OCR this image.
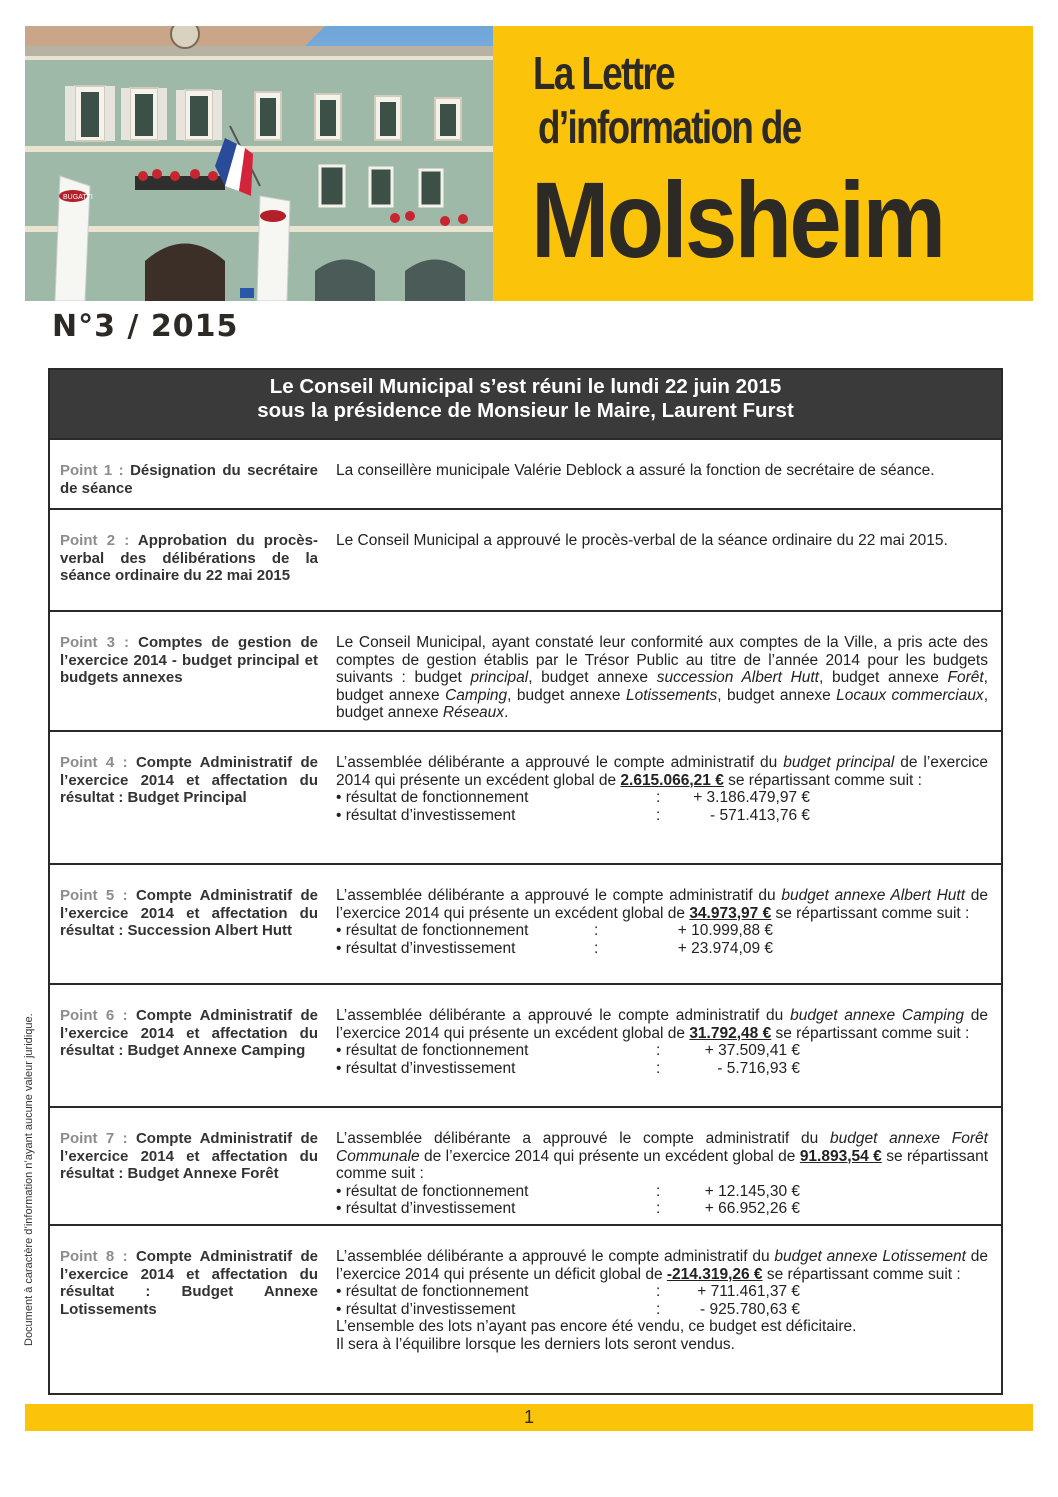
BUGATTI
La Lettre
d’information de
Molsheim
N°3 / 2015
Le Conseil Municipal s’est réuni le lundi 22 juin 2015
sous la présidence de Monsieur le Maire, Laurent Furst
Point 1 : Désignation du secrétaire de séance
La conseillère municipale Valérie Deblock a assuré la fonction de secrétaire de séance.
Point 2 : Approbation du procès-verbal des délibérations de la séance ordinaire du 22 mai 2015
Le Conseil Municipal a approuvé le procès-verbal de la séance ordinaire du 22 mai 2015.
Point 3 : Comptes de gestion de l’exercice 2014 - budget principal et budgets annexes
Le Conseil Municipal, ayant constaté leur conformité aux comptes de la Ville, a pris acte des comptes de gestion établis par le Trésor Public au titre de l’année 2014 pour les budgets suivants : budget principal, budget annexe succession Albert Hutt, budget annexe Forêt, budget annexe Camping, budget annexe Lotissements, budget annexe Locaux commerciaux, budget annexe Réseaux.
Point 4 : Compte Administratif de l’exercice 2014 et affectation du résultat : Budget Principal
L’assemblée délibérante a approuvé le compte administratif du budget principal de l’exercice 2014 qui présente un excédent global de 2.615.066,21 € se répartissant comme suit :
• résultat de fonctionnement	:	+ 3.186.479,97 €
• résultat d’investissement	:	- 571.413,76 €
Point 5 : Compte Administratif de l’exercice 2014 et affectation du résultat : Succession Albert Hutt
L’assemblée délibérante a approuvé le compte administratif du budget annexe Albert Hutt de l’exercice 2014 qui présente un excédent global de 34.973,97 € se répartissant comme suit :
• résultat de fonctionnement	:	+ 10.999,88 €
• résultat d’investissement	:	+ 23.974,09 €
Point 6 : Compte Administratif de l’exercice 2014 et affectation du résultat : Budget Annexe Camping
L’assemblée délibérante a approuvé le compte administratif du budget annexe Camping de l’exercice 2014 qui présente un excédent global de 31.792,48 € se répartissant comme suit :
• résultat de fonctionnement	:	+ 37.509,41 €
• résultat d’investissement	:	- 5.716,93 €
Point 7 : Compte Administratif de l’exercice 2014 et affectation du résultat : Budget Annexe Forêt
L’assemblée délibérante a approuvé le compte administratif du budget annexe Forêt Communale de l’exercice 2014 qui présente un excédent global de 91.893,54 € se répartissant comme suit :
• résultat de fonctionnement	:	+ 12.145,30 €
• résultat d’investissement	:	+ 66.952,26 €
Point 8 : Compte Administratif de l’exercice 2014 et affectation du résultat : Budget Annexe Lotissements
L’assemblée délibérante a approuvé le compte administratif du budget annexe Lotissement de l’exercice 2014 qui présente un déficit global de -214.319,26 € se répartissant comme suit :
• résultat de fonctionnement	:	+ 711.461,37 €
• résultat d’investissement	:	- 925.780,63 €
L’ensemble des lots n’ayant pas encore été vendu, ce budget est déficitaire.
Il sera à l’équilibre lorsque les derniers lots seront vendus.
Document à caractère d’information n’ayant aucune valeur juridique.
1
